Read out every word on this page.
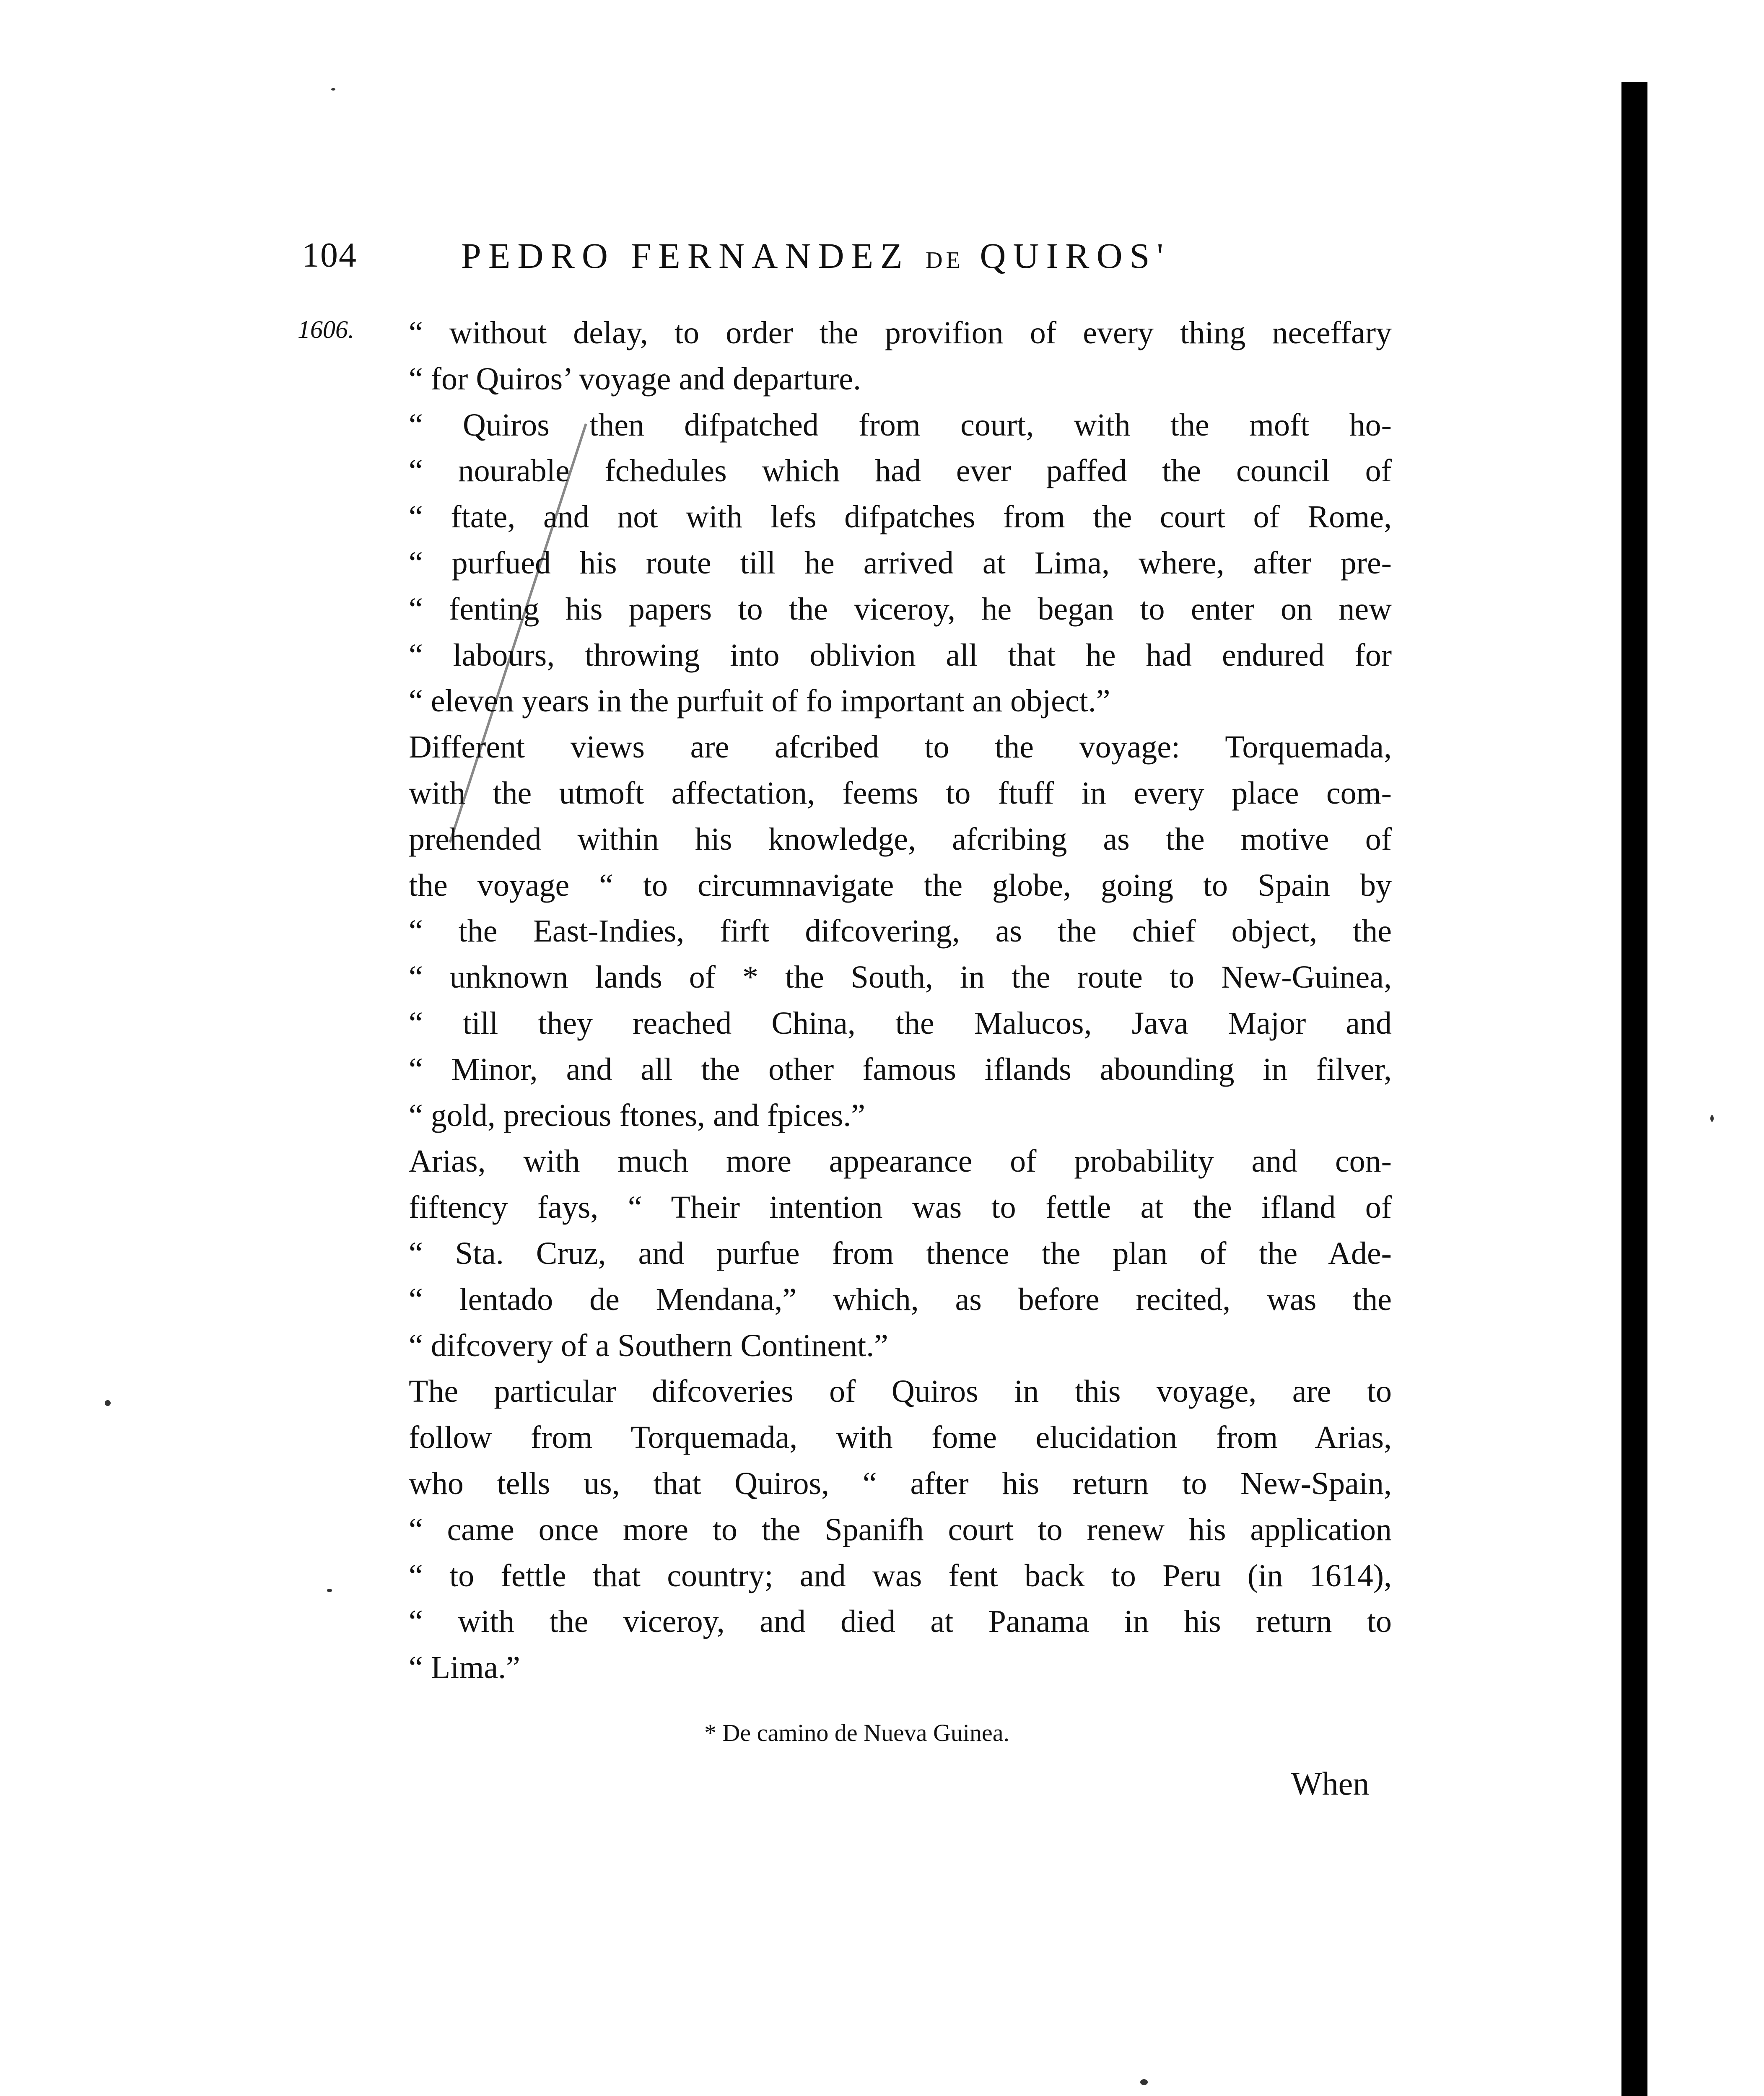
104	PEDRO FERNANDEZ DE QUIROS'
1606. “ without delay, to order the provifion of every thing neceffary
“ for Quiros’ voyage and departure.
“ Quiros then difpatched from court, with the moft ho-
“ nourable fchedules which had ever paffed the council of
“ ftate, and not with lefs difpatches from the court of Rome,
“ purfued his route till he arrived at Lima, where, after pre-
“ fenting his papers to the viceroy, he began to enter on new
“ labours, throwing into oblivion all that he had endured for
“ eleven years in the purfuit of fo important an object.”
Different views are afcribed to the voyage: Torquemada,
with the utmoft affectation, feems to ftuff in every place com-
prehended within his knowledge, afcribing as the motive of
the voyage “ to circumnavigate the globe, going to Spain by
“ the East-Indies, firft difcovering, as the chief object, the
“ unknown lands of * the South, in the route to New-Guinea,
“ till they reached China, the Malucos, Java Major and
“ Minor, and all the other famous iflands abounding in filver,
“ gold, precious ftones, and fpices.”
Arias, with much more appearance of probability and con-
fiftency fays, “ Their intention was to fettle at the ifland of
“ Sta. Cruz, and purfue from thence the plan of the Ade-
“ lentado de Mendana,” which, as before recited, was the
“ difcovery of a Southern Continent.”
The particular difcoveries of Quiros in this voyage, are to
follow from Torquemada, with fome elucidation from Arias,
who tells us, that Quiros, “ after his return to New-Spain,
“ came once more to the Spanifh court to renew his application
“ to fettle that country; and was fent back to Peru (in 1614),
“ with the viceroy, and died at Panama in his return to
“ Lima.”
* De camino de Nueva Guinea.
When
